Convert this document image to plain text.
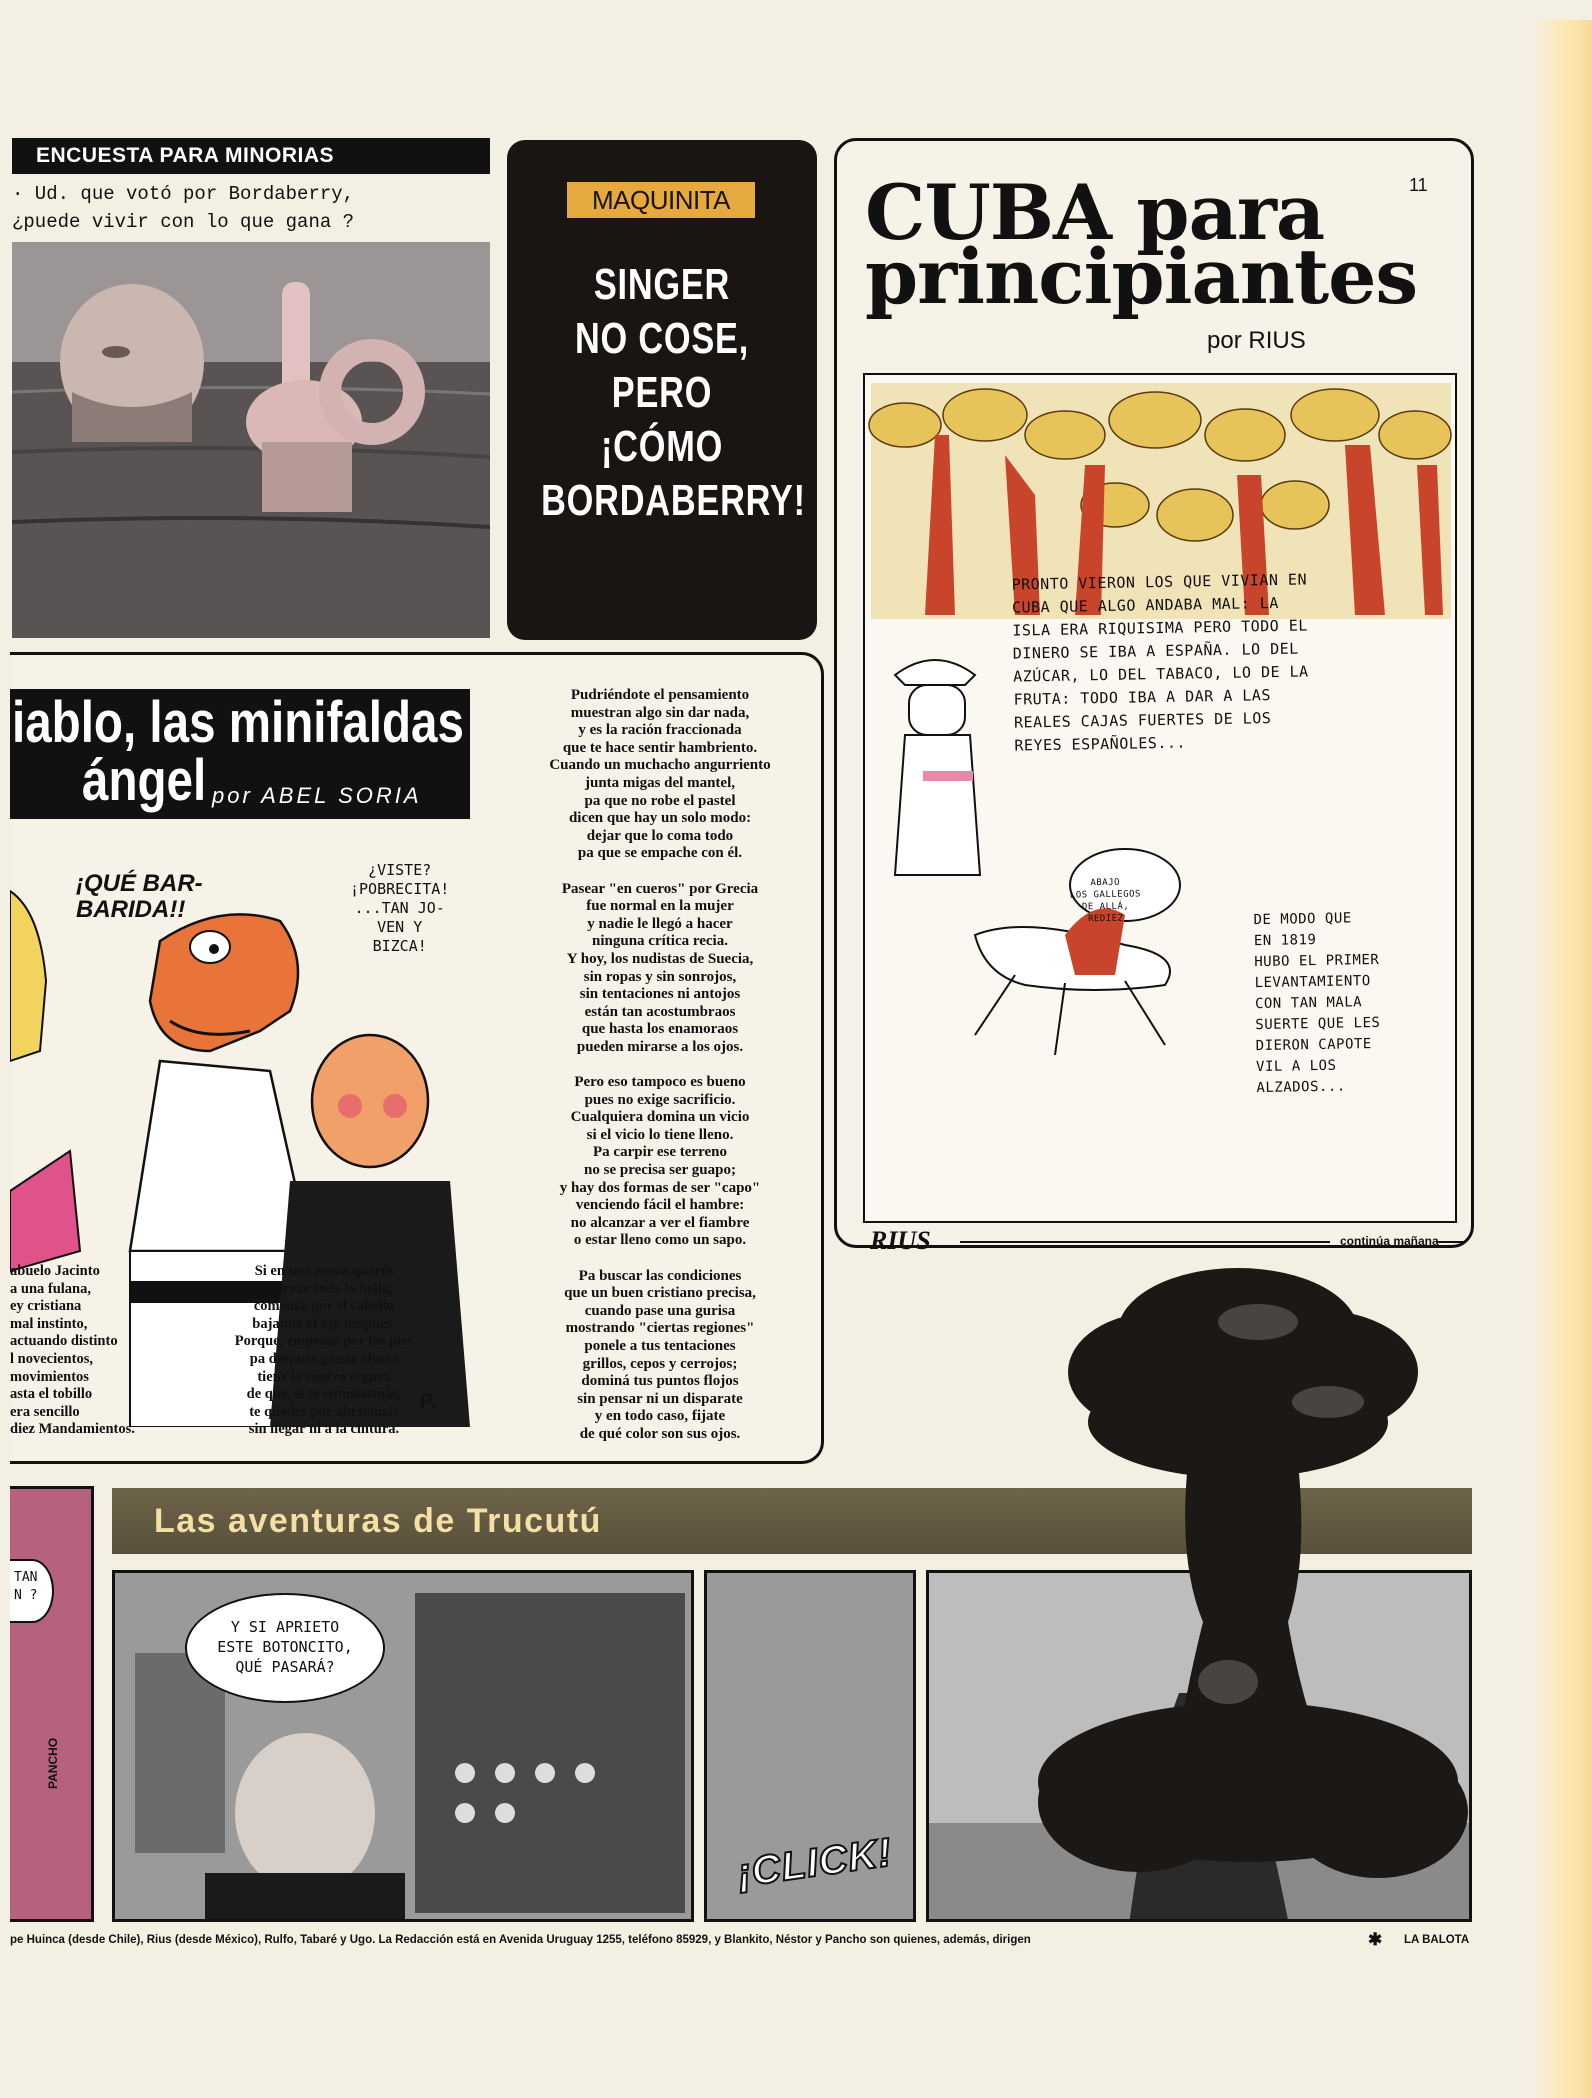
ENCUESTA PARA MINORIAS
· Ud. que votó por Bordaberry,
¿puede vivir con lo que gana ?
MAQUINITA
SINGER
NO COSE,
PERO
¡CÓMO
BORDABERRY!
11
CUBA para
principiantes
por RIUS
PRONTO VIERON LOS QUE VIVIAN EN
CUBA QUE ALGO ANDABA MAL: LA
ISLA ERA RIQUISIMA PERO TODO EL
DINERO SE IBA A ESPAÑA. LO DEL
AZÚCAR, LO DEL TABACO, LO DE LA
FRUTA: TODO IBA A DAR A LAS
REALES CAJAS FUERTES DE LOS
REYES ESPAÑOLES...
ABAJO
LOS GALLEGOS
DE ALLÁ,
REDIEZ	DE MODO QUE
EN 1819
HUBO EL PRIMER
LEVANTAMIENTO
CON TAN MALA
SUERTE QUE LES
DIERON CAPOTE
VIL A LOS
ALZADOS...
RIUS	continúa mañana
iablo, las minifaldas
ángel por ABEL SORIA
¡QUÉ BAR-
BARIDA!!
¿VISTE?
¡POBRECITA!
...TAN JO-
VEN Y
BIZCA!
P.
Pudriéndote el pensamiento
muestran algo sin dar nada,
y es la ración fraccionada
que te hace sentir hambriento.
Cuando un muchacho angurriento
junta migas del mantel,
pa que no robe el pastel
dicen que hay un solo modo:
dejar que lo coma todo
pa que se empache con él.

Pasear "en cueros" por Grecia
fue normal en la mujer
y nadie le llegó a hacer
ninguna crítica recia.
Y hoy, los nudistas de Suecia,
sin ropas y sin sonrojos,
sin tentaciones ni antojos
están tan acostumbraos
que hasta los enamoraos
pueden mirarse a los ojos.

Pero eso tampoco es bueno
pues no exige sacrificio.
Cualquiera domina un vicio
si el vicio lo tiene lleno.
Pa carpir ese terreno
no se precisa ser guapo;
y hay dos formas de ser "capo"
venciendo fácil el hambre:
no alcanzar a ver el fiambre
o estar lleno como un sapo.

Pa buscar las condiciones
que un buen cristiano precisa,
cuando pase una gurisa
mostrando "ciertas regiones"
ponele a tus tentaciones
grillos, cepos y cerrojos;
dominá tus puntos flojos
sin pensar ni un disparate
y en todo caso, fijate
de qué color son sus ojos.
abuelo Jacinto
a una fulana,
ey cristiana
mal instinto,
actuando distinto
l novecientos,
movimientos
asta el tobillo
era sencillo
diez Mandamientos.
Si en una moza querés
observar todo lo bello,
comenzá por el cabello
bajando el ojo después.
Porque, empezar por los pies
pa después ganar altura
tiene la contra segura
de que, si te entusiasmás,
te quedés por áhi nomás
sin llegar ni a la cintura.
TAN
N ?
PANCHO
Las aventuras de Trucutú
Y SI APRIETO
ESTE BOTONCITO,
QUÉ PASARÁ?
¡CLICK!
pe Huinca (desde Chile), Rius (desde México), Rulfo, Tabaré y Ugo. La Redacción está en Avenida Uruguay 1255, teléfono 85929, y Blankito, Néstor y Pancho son quienes, además, dirigen	✱ LA BALOTA
